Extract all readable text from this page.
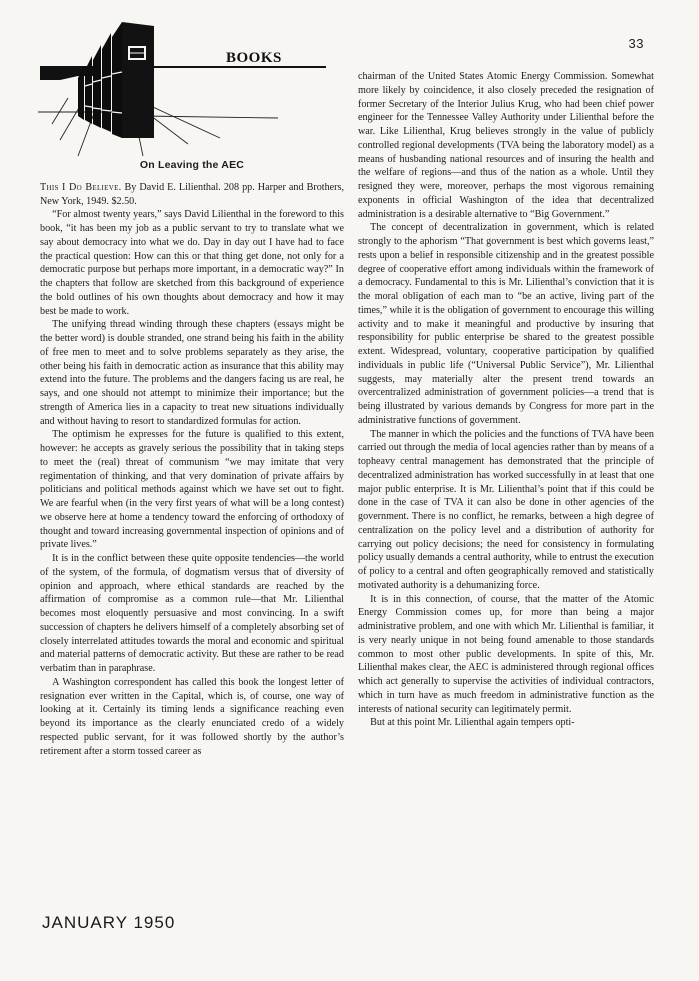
33
BOOKS
On Leaving the AEC

This I Do Believe. By David E. Lilienthal. 208 pp. Harper and Brothers, New York, 1949. $2.50.

“For almost twenty years,” says David Lilienthal in the foreword to this book, “it has been my job as a public servant to try to translate what we say about democracy into what we do. Day in day out I have had to face the practical question: How can this or that thing get done, not only for a democratic purpose but perhaps more important, in a democratic way?” In the chapters that follow are sketched from this background of experience the bold outlines of his own thoughts about democracy and how it may best be made to work.

The unifying thread winding through these chapters (essays might be the better word) is double stranded, one strand being his faith in the ability of free men to meet and to solve problems separately as they arise, the other being his faith in democratic action as insurance that this ability may extend into the future. The problems and the dangers facing us are real, he says, and one should not attempt to minimize their importance; but the strength of America lies in a capacity to treat new situations individually and without having to resort to standardized formulas for action.

The optimism he expresses for the future is qualified to this extent, however: he accepts as gravely serious the possibility that in taking steps to meet the (real) threat of communism “we may imitate that very regimentation of thinking, and that very domination of private affairs by politicians and political methods against which we have set out to fight. We are fearful when (in the very first years of what will be a long contest) we observe here at home a tendency toward the enforcing of orthodoxy of thought and toward increasing governmental inspection of opinions and of private lives.”

It is in the conflict between these quite opposite tendencies—the world of the system, of the formula, of dogmatism versus that of diversity of opinion and approach, where ethical standards are reached by the affirmation of compromise as a common rule—that Mr. Lilienthal becomes most eloquently persuasive and most convincing. In a swift succession of chapters he delivers himself of a completely absorbing set of closely interrelated attitudes towards the moral and economic and spiritual and material patterns of democratic activity. But these are rather to be read verbatim than in paraphrase.

A Washington correspondent has called this book the longest letter of resignation ever written in the Capital, which is, of course, one way of looking at it. Certainly its timing lends a significance reaching even beyond its importance as the clearly enunciated credo of a widely respected public servant, for it was followed shortly by the author’s retirement after a storm tossed career as

chairman of the United States Atomic Energy Commission. Somewhat more likely by coincidence, it also closely preceded the resignation of former Secretary of the Interior Julius Krug, who had been chief power engineer for the Tennessee Valley Authority under Lilienthal before the war. Like Lilienthal, Krug believes strongly in the value of publicly controlled regional developments (TVA being the laboratory model) as a means of husbanding national resources and of insuring the health and the welfare of regions—and thus of the nation as a whole. Until they resigned they were, moreover, perhaps the most vigorous remaining exponents in official Washington of the idea that decentralized administration is a desirable alternative to “Big Government.”

The concept of decentralization in government, which is related strongly to the aphorism “That government is best which governs least,” rests upon a belief in responsible citizenship and in the greatest possible degree of cooperative effort among individuals within the framework of a democracy. Fundamental to this is Mr. Lilienthal’s conviction that it is the moral obligation of each man to “be an active, living part of the times,” while it is the obligation of government to encourage this willing activity and to make it meaningful and productive by insuring that responsibility for public enterprise be shared to the greatest possible extent. Widespread, voluntary, cooperative participation by qualified individuals in public life (“Universal Public Service”), Mr. Lilienthal suggests, may materially alter the present trend towards an overcentralized administration of government policies—a trend that is being illustrated by various demands by Congress for more part in the administrative functions of government.

The manner in which the policies and the functions of TVA have been carried out through the media of local agencies rather than by means of a topheavy central management has demonstrated that the principle of decentralized administration has worked successfully in at least that one major public enterprise. It is Mr. Lilienthal’s point that if this could be done in the case of TVA it can also be done in other agencies of the government. There is no conflict, he remarks, between a high degree of centralization on the policy level and a distribution of authority for carrying out policy decisions; the need for consistency in formulating policy usually demands a central authority, while to entrust the execution of policy to a central and often geographically removed and statistically motivated authority is a dehumanizing force.

It is in this connection, of course, that the matter of the Atomic Energy Commission comes up, for more than being a major administrative problem, and one with which Mr. Lilienthal is familiar, it is very nearly unique in not being found amenable to those standards common to most other public developments. In spite of this, Mr. Lilienthal makes clear, the AEC is administered through regional offices which act generally to supervise the activities of individual contractors, which in turn have as much freedom in administrative function as the interests of national security can legitimately permit.

But at this point Mr. Lilienthal again tempers opti-

JANUARY 1950
